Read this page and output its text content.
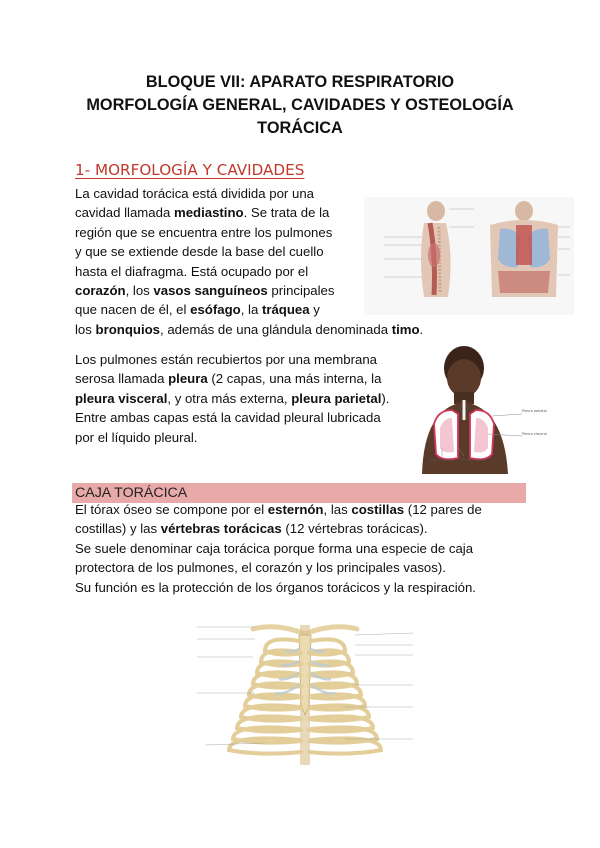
BLOQUE VII: APARATO RESPIRATORIO
MORFOLOGÍA GENERAL, CAVIDADES Y OSTEOLOGÍA
TORÁCICA
1- MORFOLOGÍA Y CAVIDADES
La cavidad torácica está dividida por una
cavidad llamada mediastino. Se trata de la
región que se encuentra entre los pulmones
y que se extiende desde la base del cuello
hasta el diafragma. Está ocupado por el
corazón, los vasos sanguíneos principales
que nacen de él, el esófago, la tráquea y
los bronquios, además de una glándula denominada timo.
Los pulmones están recubiertos por una membrana
serosa llamada pleura (2 capas, una más interna, la
pleura visceral, y otra más externa, pleura parietal).
Entre ambas capas está la cavidad pleural lubricada
por el líquido pleural.
Pleura parietal
Pleura visceral
Pleura parietal Pleura visceral
CAJA TORÁCICA
El tórax óseo se compone por el esternón, las costillas (12 pares de
costillas) y las vértebras torácicas (12 vértebras torácicas).
Se suele denominar caja torácica porque forma una especie de caja
protectora de los pulmones, el corazón y los principales vasos).
Su función es la protección de los órganos torácicos y la respiración.
